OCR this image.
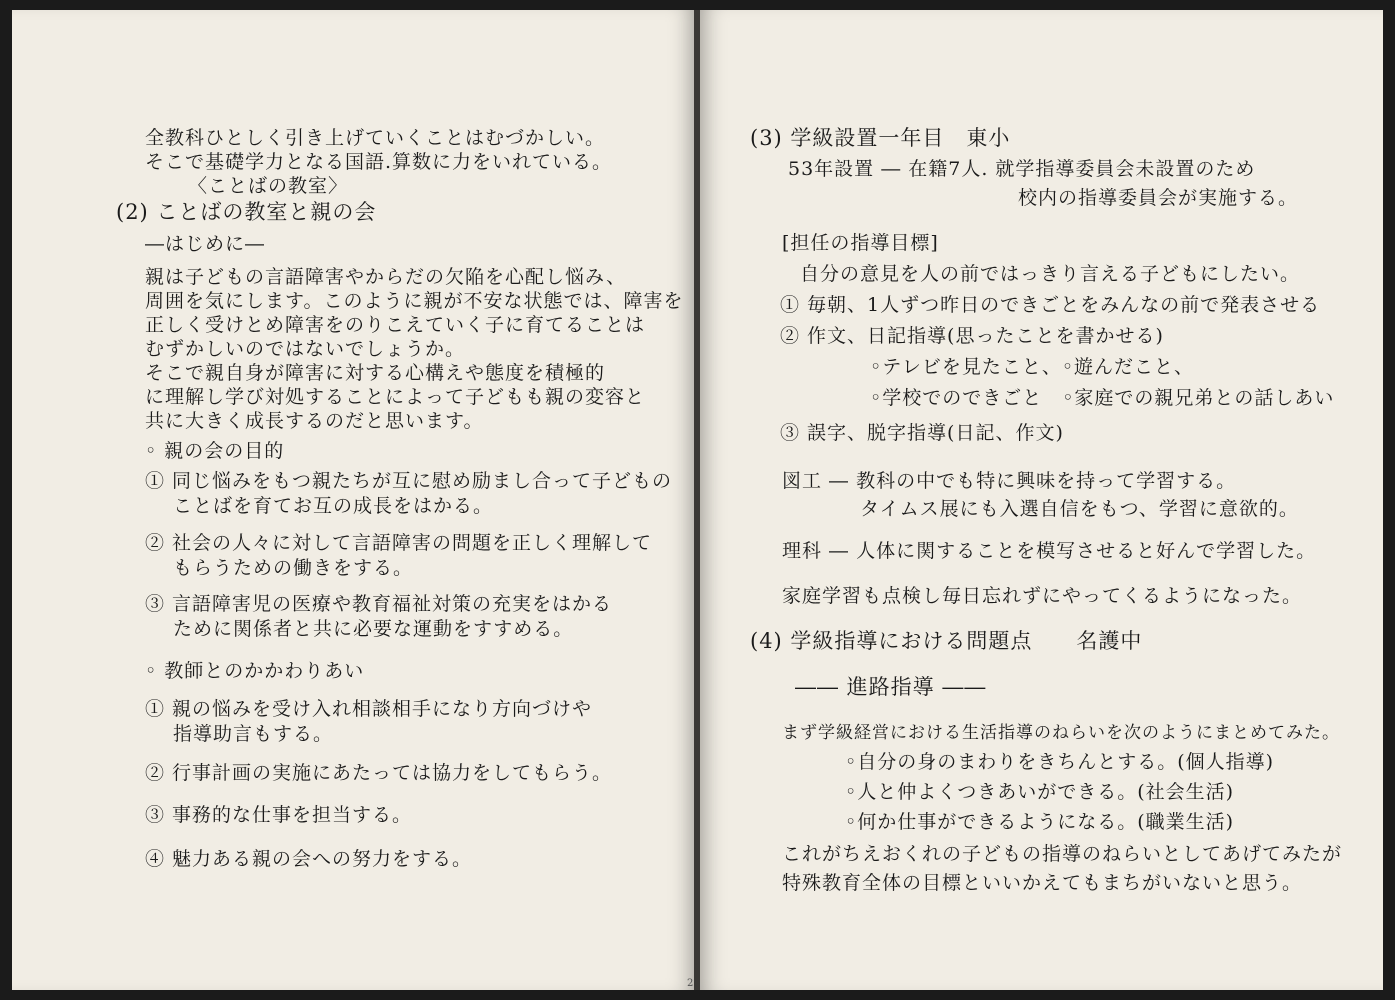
全教科ひとしく引き上げていくことはむづかしい。
そこで基礎学力となる国語.算数に力をいれている。
〈ことばの教室〉
(2) ことばの教室と親の会
―はじめに―
親は子どもの言語障害やからだの欠陥を心配し悩み、
周囲を気にします。このように親が不安な状態では、障害を
正しく受けとめ障害をのりこえていく子に育てることは
むずかしいのではないでしょうか。
そこで親自身が障害に対する心構えや態度を積極的
に理解し学び対処することによって子どもも親の変容と
共に大きく成長するのだと思います。
◦ 親の会の目的
① 同じ悩みをもつ親たちが互に慰め励まし合って子どもの
ことばを育てお互の成長をはかる。
② 社会の人々に対して言語障害の問題を正しく理解して
もらうための働きをする。
③ 言語障害児の医療や教育福祉対策の充実をはかる
ために関係者と共に必要な運動をすすめる。
◦ 教師とのかかわりあい
① 親の悩みを受け入れ相談相手になり方向づけや
指導助言もする。
② 行事計画の実施にあたっては協力をしてもらう。
③ 事務的な仕事を担当する。
④ 魅力ある親の会への努力をする。
2
(3) 学級設置一年目　東小
53年設置 ― 在籍7人. 就学指導委員会未設置のため
校内の指導委員会が実施する。
[担任の指導目標]
自分の意見を人の前ではっきり言える子どもにしたい。
① 毎朝、1人ずつ昨日のできごとをみんなの前で発表させる
② 作文、日記指導(思ったことを書かせる)
◦テレビを見たこと、◦遊んだこと、
◦学校でのできごと　◦家庭での親兄弟との話しあい
③ 誤字、脱字指導(日記、作文)
図工 ― 教科の中でも特に興味を持って学習する。
タイムス展にも入選自信をもつ、学習に意欲的。
理科 ― 人体に関することを模写させると好んで学習した。
家庭学習も点検し毎日忘れずにやってくるようになった。
(4) 学級指導における問題点　　名護中
―― 進路指導 ――
まず学級経営における生活指導のねらいを次のようにまとめてみた。
◦自分の身のまわりをきちんとする。(個人指導)
◦人と仲よくつきあいができる。(社会生活)
◦何か仕事ができるようになる。(職業生活)
これがちえおくれの子どもの指導のねらいとしてあげてみたが
特殊教育全体の目標といいかえてもまちがいないと思う。
